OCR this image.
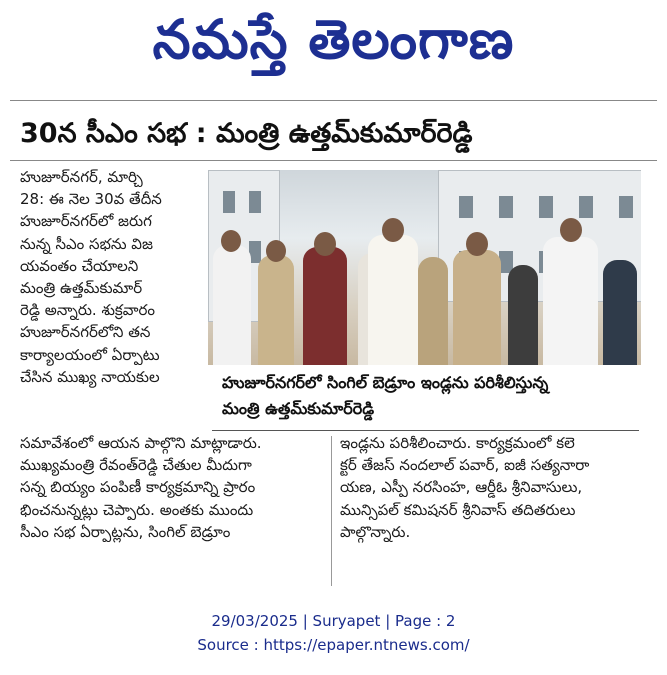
నమస్తే తెలంగాణ
30న సీఎం సభ : మంత్రి ఉత్తమ్‌కుమార్‌రెడ్డి
హుజూర్‌నగర్‌, మార్చి
28: ఈ నెల 30వ తేదీన
హుజూర్‌నగర్‌లో జరుగ
నున్న సీఎం సభను విజ
యవంతం చేయాలని
మంత్రి ఉత్తమ్‌కుమార్‌
రెడ్డి అన్నారు. శుక్రవారం
హుజూర్‌నగర్‌లోని తన
కార్యాలయంలో ఏర్పాటు
చేసిన ముఖ్య నాయకుల	హుజూర్‌నగర్‌లో సింగిల్‌ బెడ్రూం ఇండ్లను పరిశీలిస్తున్న
మంత్రి ఉత్తమ్‌కుమార్‌రెడ్డి
సమావేశంలో ఆయన పాల్గొని మాట్లాడారు.
ముఖ్యమంత్రి రేవంత్‌రెడ్డి చేతుల మీదుగా
సన్న బియ్యం పంపిణీ కార్యక్రమాన్ని ప్రారం
భించనున్నట్లు చెప్పారు. అంతకు ముందు
సీఎం సభ ఏర్పాట్లను, సింగిల్‌ బెడ్రూం
ఇండ్లను పరిశీలించారు. కార్యక్రమంలో కలె
క్టర్‌ తేజస్‌ నందలాల్‌ పవార్‌, ఐజీ సత్యనారా
యణ, ఎస్పీ నరసింహ, ఆర్డీఓ శ్రీనివాసులు,
మున్సిపల్‌ కమిషనర్‌ శ్రీనివాస్‌ తదితరులు
పాల్గొన్నారు.
29/03/2025 | Suryapet | Page : 2
Source : https://epaper.ntnews.com/
